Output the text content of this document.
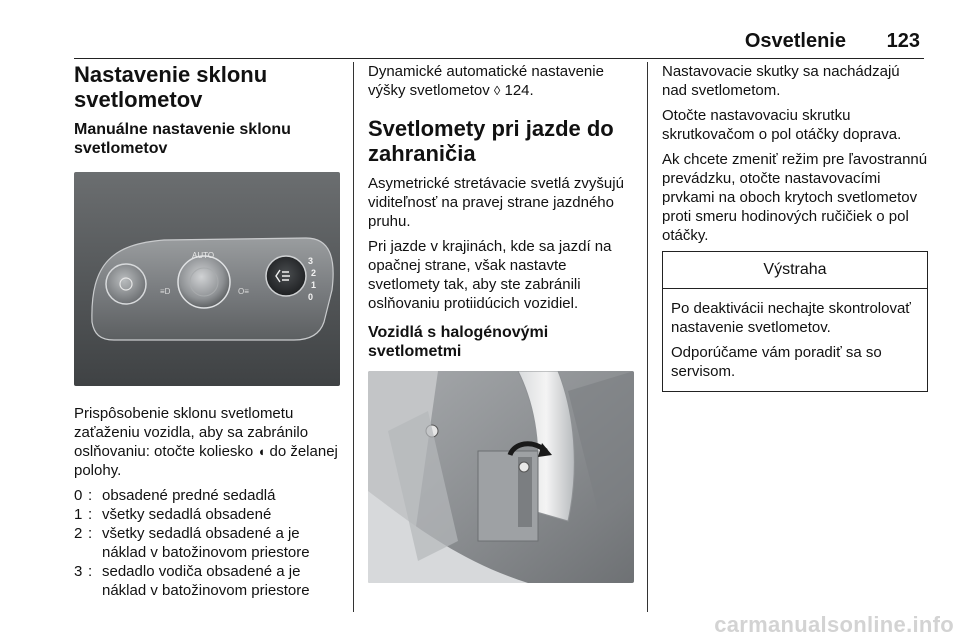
Osvetlenie 123
Nastavenie sklonu svetlometov
Manuálne nastavenie sklonu svetlometov
AUTO
≡D	O≡
3
2
1
0

Prispôsobenie sklonu svetlometu zaťaženiu vozidla, aby sa zabránilo oslňovaniu: otočte koliesko ◖ do želanej polohy.

0 : obsadené predné sedadlá
1 : všetky sedadlá obsadené
2 : všetky sedadlá obsadené a je náklad v batožinovom priestore
3 : sedadlo vodiča obsadené a je náklad v batožinovom priestore

Dynamické automatické nastavenie výšky svetlometov ◊ 124.

Svetlomety pri jazde do zahraničia

Asymetrické stretávacie svetlá zvyšujú viditeľnosť na pravej strane jazdného pruhu.

Pri jazde v krajinách, kde sa jazdí na opačnej strane, však nastavte svetlomety tak, aby ste zabránili oslňovaniu protiidúcich vozidiel.

Vozidlá s halogénovými svetlometmi

Nastavovacie skutky sa nachádzajú nad svetlometom.

Otočte nastavovaciu skrutku skrutkovačom o pol otáčky doprava.

Ak chcete zmeniť režim pre ľavostrannú prevádzku, otočte nastavovacími prvkami na oboch krytoch svetlometov proti smeru hodinových ručičiek o pol otáčky.

Výstraha

Po deaktivácii nechajte skontrolovať nastavenie svetlometov.

Odporúčame vám poradiť sa so servisom.

carmanualsonline.info
